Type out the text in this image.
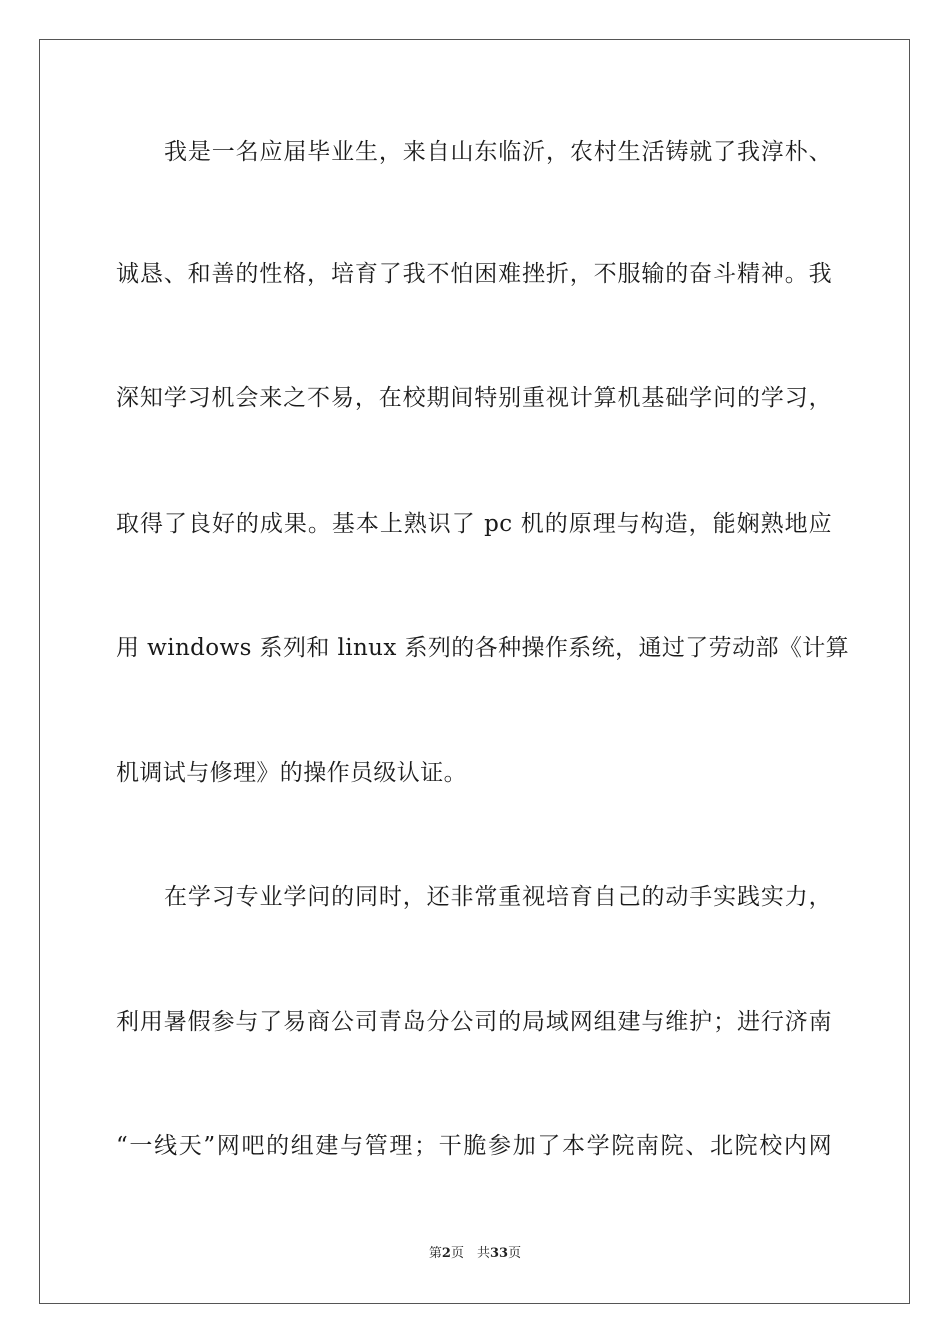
我是一名应届毕业生，来自山东临沂，农村生活铸就了我淳朴、
诚恳、和善的性格，培育了我不怕困难挫折，不服输的奋斗精神。我
深知学习机会来之不易，在校期间特别重视计算机基础学问的学习，
取得了良好的成果。基本上熟识了 pc 机的原理与构造，能娴熟地应
用 windows 系列和 linux 系列的各种操作系统，通过了劳动部《计算
机调试与修理》的操作员级认证。
在学习专业学问的同时，还非常重视培育自己的动手实践实力，
利用暑假参与了易商公司青岛分公司的局域网组建与维护；进行济南
“一线天”网吧的组建与管理；干脆参加了本学院南院、北院校内网
第2页　共33页
